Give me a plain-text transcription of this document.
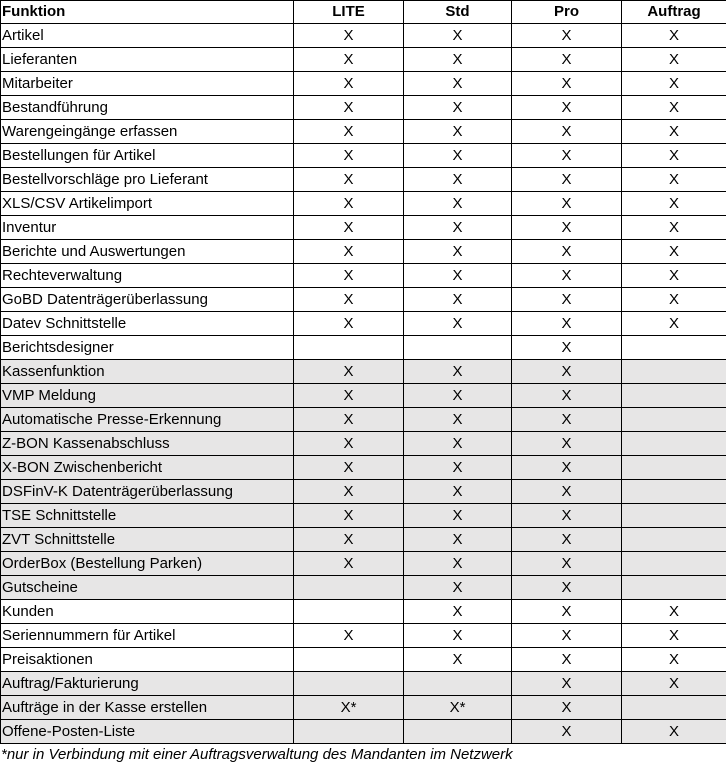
Funktion	LITE	Std	Pro	Auftrag
Artikel	X	X	X	X
Lieferanten	X	X	X	X
Mitarbeiter	X	X	X	X
Bestandführung	X	X	X	X
Warengeingänge erfassen	X	X	X	X
Bestellungen für Artikel	X	X	X	X
Bestellvorschläge pro Lieferant	X	X	X	X
XLS/CSV Artikelimport	X	X	X	X
Inventur	X	X	X	X
Berichte und Auswertungen	X	X	X	X
Rechteverwaltung	X	X	X	X
GoBD Datenträgerüberlassung	X	X	X	X
Datev Schnittstelle	X	X	X	X
Berichtsdesigner			X	
Kassenfunktion	X	X	X	
VMP Meldung	X	X	X	
Automatische Presse-Erkennung	X	X	X	
Z-BON Kassenabschluss	X	X	X	
X-BON Zwischenbericht	X	X	X	
DSFinV-K Datenträgerüberlassung	X	X	X	
TSE Schnittstelle	X	X	X	
ZVT Schnittstelle	X	X	X	
OrderBox (Bestellung Parken)	X	X	X	
Gutscheine		X	X	
Kunden		X	X	X
Seriennummern für Artikel	X	X	X	X
Preisaktionen		X	X	X
Auftrag/Fakturierung			X	X
Aufträge in der Kasse erstellen	X*	X*	X	
Offene-Posten-Liste			X	X
*nur in Verbindung mit einer Auftragsverwaltung des Mandanten im Netzwerk
